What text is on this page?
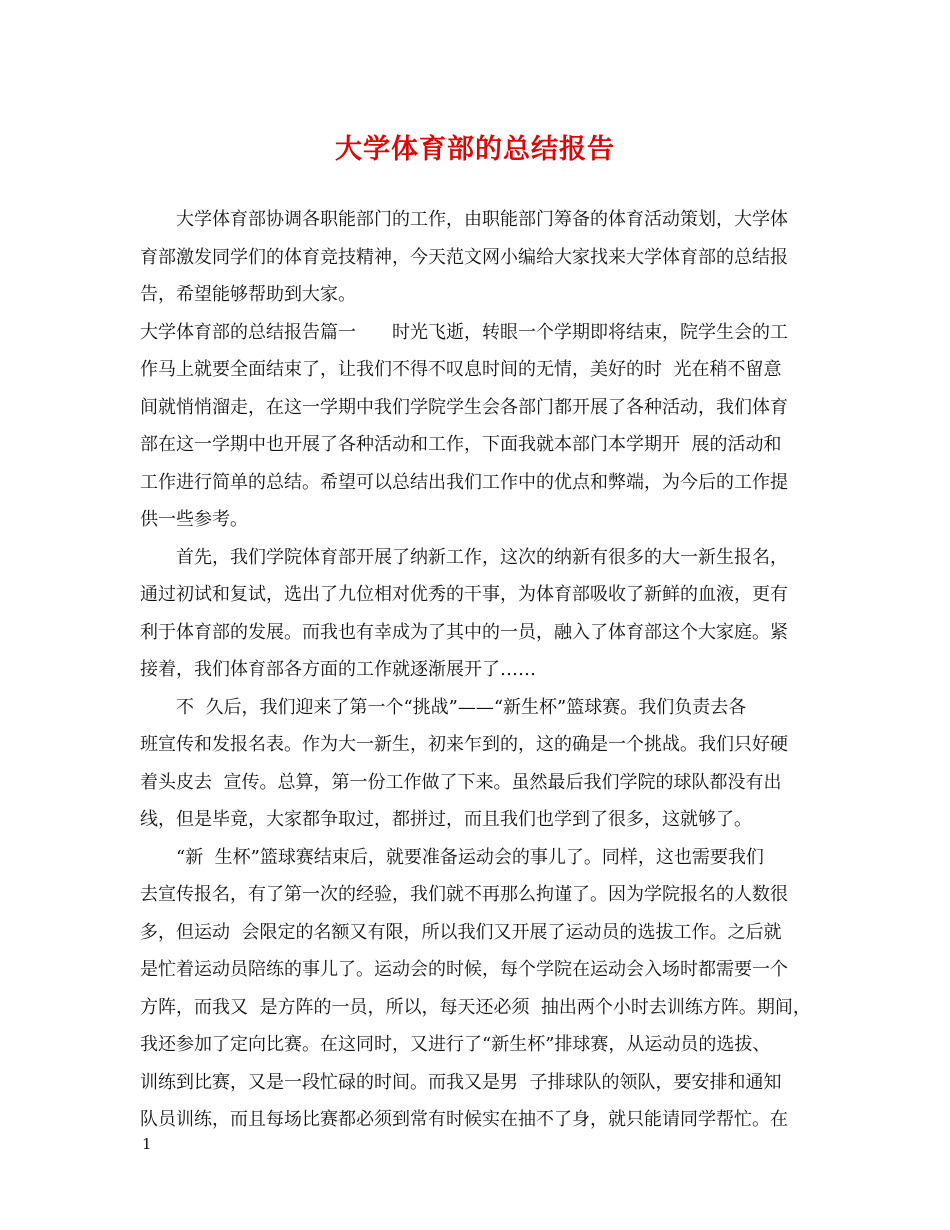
大学体育部的总结报告

　　大学体育部协调各职能部门的工作，由职能部门筹备的体育活动策划，大学体

育部激发同学们的体育竞技精神，今天范文网小编给大家找来大学体育部的总结报

告，希望能够帮助到大家。

大学体育部的总结报告篇一　　时光飞逝，转眼一个学期即将结束，院学生会的工

作马上就要全面结束了，让我们不得不叹息时间的无情，美好的时  光在稍不留意

间就悄悄溜走，在这一学期中我们学院学生会各部门都开展了各种活动，我们体育

部在这一学期中也开展了各种活动和工作，下面我就本部门本学期开  展的活动和

工作进行简单的总结。希望可以总结出我们工作中的优点和弊端，为今后的工作提

供一些参考。

　　首先，我们学院体育部开展了纳新工作，这次的纳新有很多的大一新生报名，

通过初试和复试，选出了九位相对优秀的干事，为体育部吸收了新鲜的血液，更有

利于体育部的发展。而我也有幸成为了其中的一员，融入了体育部这个大家庭。紧

接着，我们体育部各方面的工作就逐渐展开了……

　　不  久后，我们迎来了第一个“挑战”——“新生杯”篮球赛。我们负责去各

班宣传和发报名表。作为大一新生，初来乍到的，这的确是一个挑战。我们只好硬

着头皮去  宣传。总算，第一份工作做了下来。虽然最后我们学院的球队都没有出

线，但是毕竟，大家都争取过，都拼过，而且我们也学到了很多，这就够了。

　　“新  生杯”篮球赛结束后，就要准备运动会的事儿了。同样，这也需要我们

去宣传报名，有了第一次的经验，我们就不再那么拘谨了。因为学院报名的人数很

多，但运动  会限定的名额又有限，所以我们又开展了运动员的选拔工作。之后就

是忙着运动员陪练的事儿了。运动会的时候，每个学院在运动会入场时都需要一个

方阵，而我又  是方阵的一员，所以，每天还必须  抽出两个小时去训练方阵。期间，

我还参加了定向比赛。在这同时，又进行了“新生杯”排球赛，从运动员的选拔、

训练到比赛，又是一段忙碌的时间。而我又是男  子排球队的领队，要安排和通知

队员训练，而且每场比赛都必须到常有时候实在抽不了身，就只能请同学帮忙。在

1
